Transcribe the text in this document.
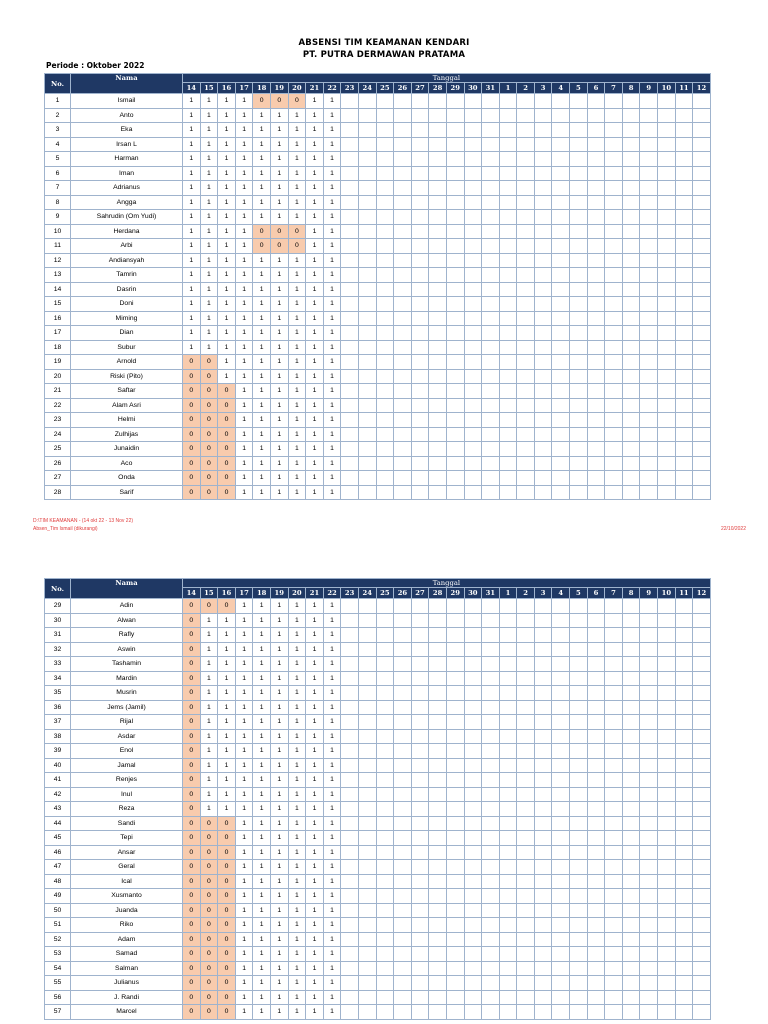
ABSENSI TIM KEAMANAN KENDARI
PT. PUTRA DERMAWAN PRATAMA
Periode : Oktober 2022
No.	Nama	Tanggal																													
		14	15	16	17	18	19	20	21	22	23	24	25	26	27	28	29	30	31	1	2	3	4	5	6	7	8	9	10	11	12
1	Ismail	1	1	1	1	0	0	0	1	1																					
2	Anto	1	1	1	1	1	1	1	1	1																					
3	Eka	1	1	1	1	1	1	1	1	1																					
4	Irsan L	1	1	1	1	1	1	1	1	1																					
5	Harman	1	1	1	1	1	1	1	1	1																					
6	Iman	1	1	1	1	1	1	1	1	1																					
7	Adrianus	1	1	1	1	1	1	1	1	1																					
8	Angga	1	1	1	1	1	1	1	1	1																					
9	Sahrudin (Om Yudi)	1	1	1	1	1	1	1	1	1																					
10	Herdana	1	1	1	1	0	0	0	1	1																					
11	Arbi	1	1	1	1	0	0	0	1	1																					
12	Andiansyah	1	1	1	1	1	1	1	1	1																					
13	Tamrin	1	1	1	1	1	1	1	1	1																					
14	Dasrin	1	1	1	1	1	1	1	1	1																					
15	Doni	1	1	1	1	1	1	1	1	1																					
16	Miming	1	1	1	1	1	1	1	1	1																					
17	Dian	1	1	1	1	1	1	1	1	1																					
18	Subur	1	1	1	1	1	1	1	1	1																					
19	Arnold	0	0	1	1	1	1	1	1	1																					
20	Riski (Pito)	0	0	1	1	1	1	1	1	1																					
21	Saftar	0	0	0	1	1	1	1	1	1																					
22	Alam Asri	0	0	0	1	1	1	1	1	1																					
23	Helmi	0	0	0	1	1	1	1	1	1																					
24	Zulhijas	0	0	0	1	1	1	1	1	1																					
25	Junaidin	0	0	0	1	1	1	1	1	1																					
26	Aco	0	0	0	1	1	1	1	1	1																					
27	Onda	0	0	0	1	1	1	1	1	1																					
28	Sarif	0	0	0	1	1	1	1	1	1																					
D:\TIM KEAMANAN - (14 okt 22 - 13 Nov 22)
Absen_Tim Ismail (dikurangi)	22/10/2022
No.	Nama	Tanggal																													
		14	15	16	17	18	19	20	21	22	23	24	25	26	27	28	29	30	31	1	2	3	4	5	6	7	8	9	10	11	12
29	Adin	0	0	0	1	1	1	1	1	1																					
30	Alwan	0	1	1	1	1	1	1	1	1																					
31	Rafly	0	1	1	1	1	1	1	1	1																					
32	Aswin	0	1	1	1	1	1	1	1	1																					
33	Tashamin	0	1	1	1	1	1	1	1	1																					
34	Mardin	0	1	1	1	1	1	1	1	1																					
35	Musrin	0	1	1	1	1	1	1	1	1																					
36	Jems (Jamil)	0	1	1	1	1	1	1	1	1																					
37	Rijal	0	1	1	1	1	1	1	1	1																					
38	Asdar	0	1	1	1	1	1	1	1	1																					
39	Enol	0	1	1	1	1	1	1	1	1																					
40	Jamal	0	1	1	1	1	1	1	1	1																					
41	Renjes	0	1	1	1	1	1	1	1	1																					
42	Inul	0	1	1	1	1	1	1	1	1																					
43	Reza	0	1	1	1	1	1	1	1	1																					
44	Sandi	0	0	0	1	1	1	1	1	1																					
45	Tepi	0	0	0	1	1	1	1	1	1																					
46	Ansar	0	0	0	1	1	1	1	1	1																					
47	Geral	0	0	0	1	1	1	1	1	1																					
48	Ical	0	0	0	1	1	1	1	1	1																					
49	Xusmanto	0	0	0	1	1	1	1	1	1																					
50	Juanda	0	0	0	1	1	1	1	1	1																					
51	Riko	0	0	0	1	1	1	1	1	1																					
52	Adam	0	0	0	1	1	1	1	1	1																					
53	Samad	0	0	0	1	1	1	1	1	1																					
54	Salman	0	0	0	1	1	1	1	1	1																					
55	Julianus	0	0	0	1	1	1	1	1	1																					
56	J. Randi	0	0	0	1	1	1	1	1	1																					
57	Marcel	0	0	0	1	1	1	1	1	1																					
